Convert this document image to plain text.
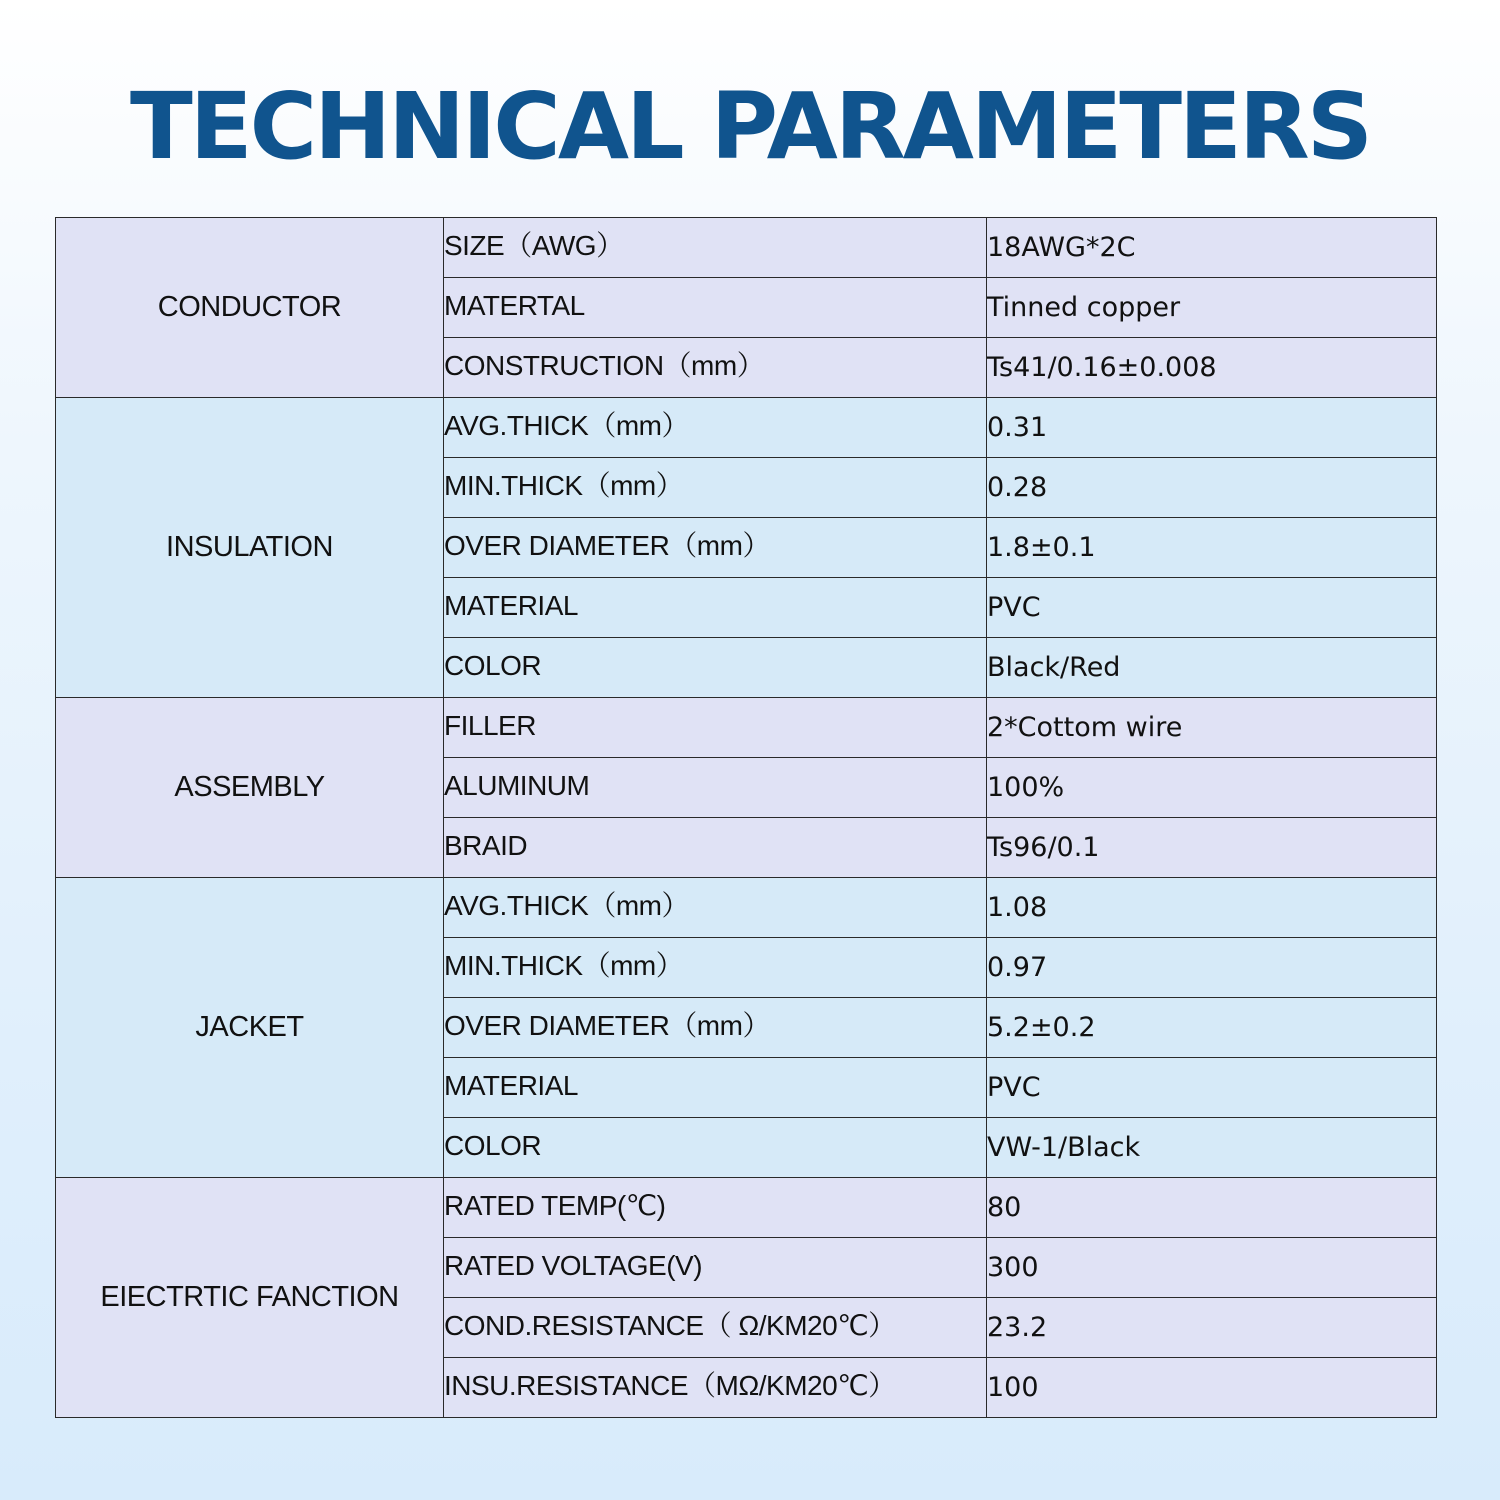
TECHNICAL PARAMETERS
CONDUCTOR	SIZE（AWG）	18AWG*2C
	MATERTAL	Tinned copper
	CONSTRUCTION（mm）	Ts41/0.16±0.008
INSULATION	AVG.THICK（mm）	0.31
	MIN.THICK（mm）	0.28
	OVER DIAMETER（mm）	1.8±0.1
	MATERIAL	PVC
	COLOR	Black/Red
ASSEMBLY	FILLER	2*Cottom wire
	ALUMINUM	100%
	BRAID	Ts96/0.1
JACKET	AVG.THICK（mm）	1.08
	MIN.THICK（mm）	0.97
	OVER DIAMETER（mm）	5.2±0.2
	MATERIAL	PVC
	COLOR	VW-1/Black
EIECTRTIC FANCTION	RATED TEMP(℃)	80
	RATED VOLTAGE(V)	300
	COND.RESISTANCE（ Ω/KM20℃）	23.2
	INSU.RESISTANCE（MΩ/KM20℃）	100
